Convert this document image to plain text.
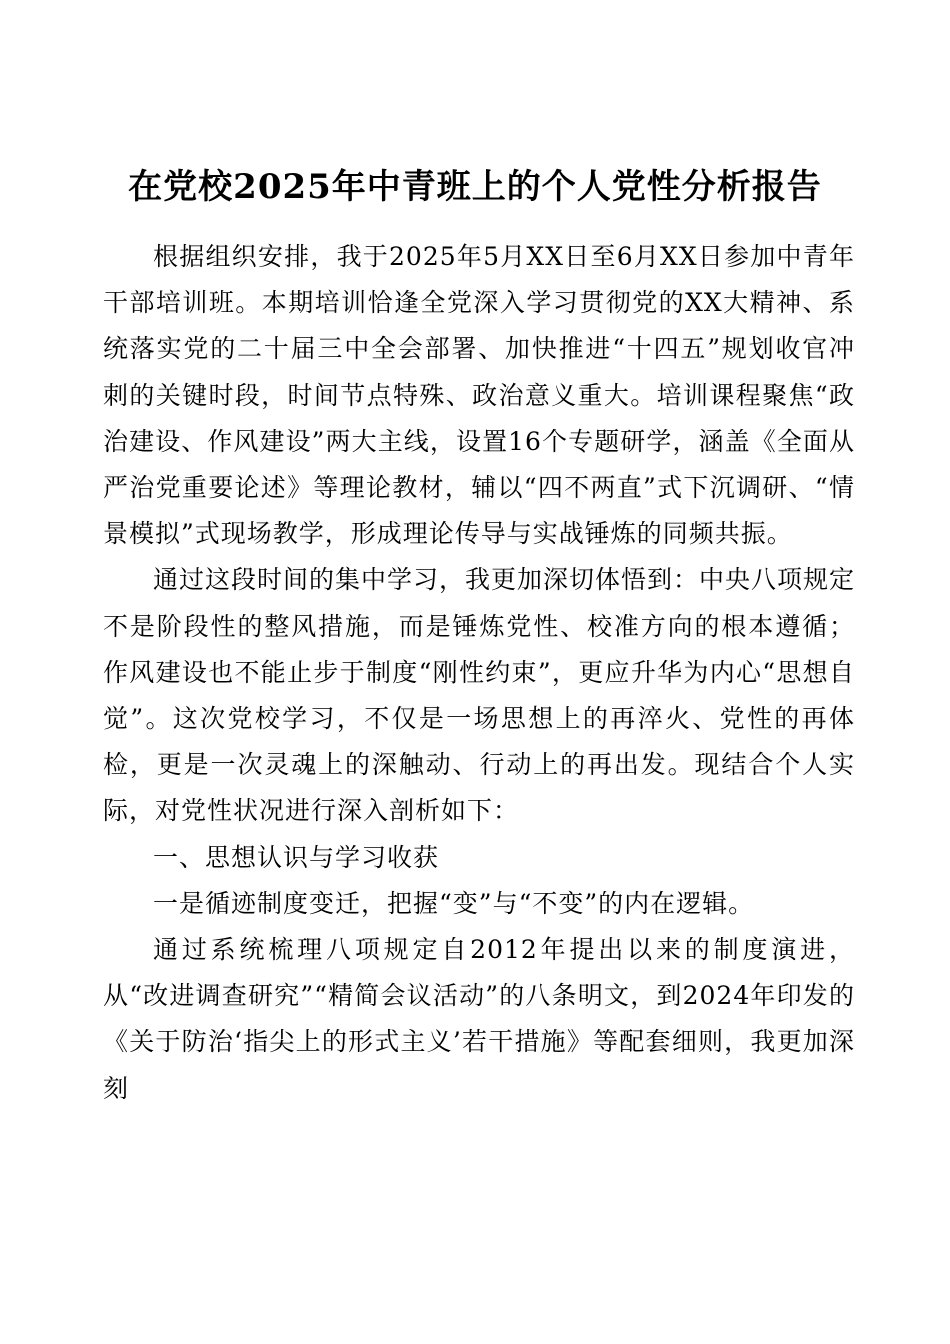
在党校2025年中青班上的个人党性分析报告

根据组织安排，我于2025年5月XX日至6月XX日参加中青年干部培训班。本期培训恰逢全党深入学习贯彻党的XX大精神、系统落实党的二十届三中全会部署、加快推进“十四五”规划收官冲刺的关键时段，时间节点特殊、政治意义重大。培训课程聚焦“政治建设、作风建设”两大主线，设置16个专题研学，涵盖《全面从严治党重要论述》等理论教材，辅以“四不两直”式下沉调研、“情景模拟”式现场教学，形成理论传导与实战锤炼的同频共振。

通过这段时间的集中学习，我更加深切体悟到：中央八项规定不是阶段性的整风措施，而是锤炼党性、校准方向的根本遵循；作风建设也不能止步于制度“刚性约束”，更应升华为内心“思想自觉”。这次党校学习，不仅是一场思想上的再淬火、党性的再体检，更是一次灵魂上的深触动、行动上的再出发。现结合个人实际，对党性状况进行深入剖析如下：

一、思想认识与学习收获

一是循迹制度变迁，把握“变”与“不变”的内在逻辑。

通过系统梳理八项规定自2012年提出以来的制度演进，从“改进调查研究”“精简会议活动”的八条明文，到2024年印发的《关于防治‘指尖上的形式主义’若干措施》等配套细则，我更加深刻
